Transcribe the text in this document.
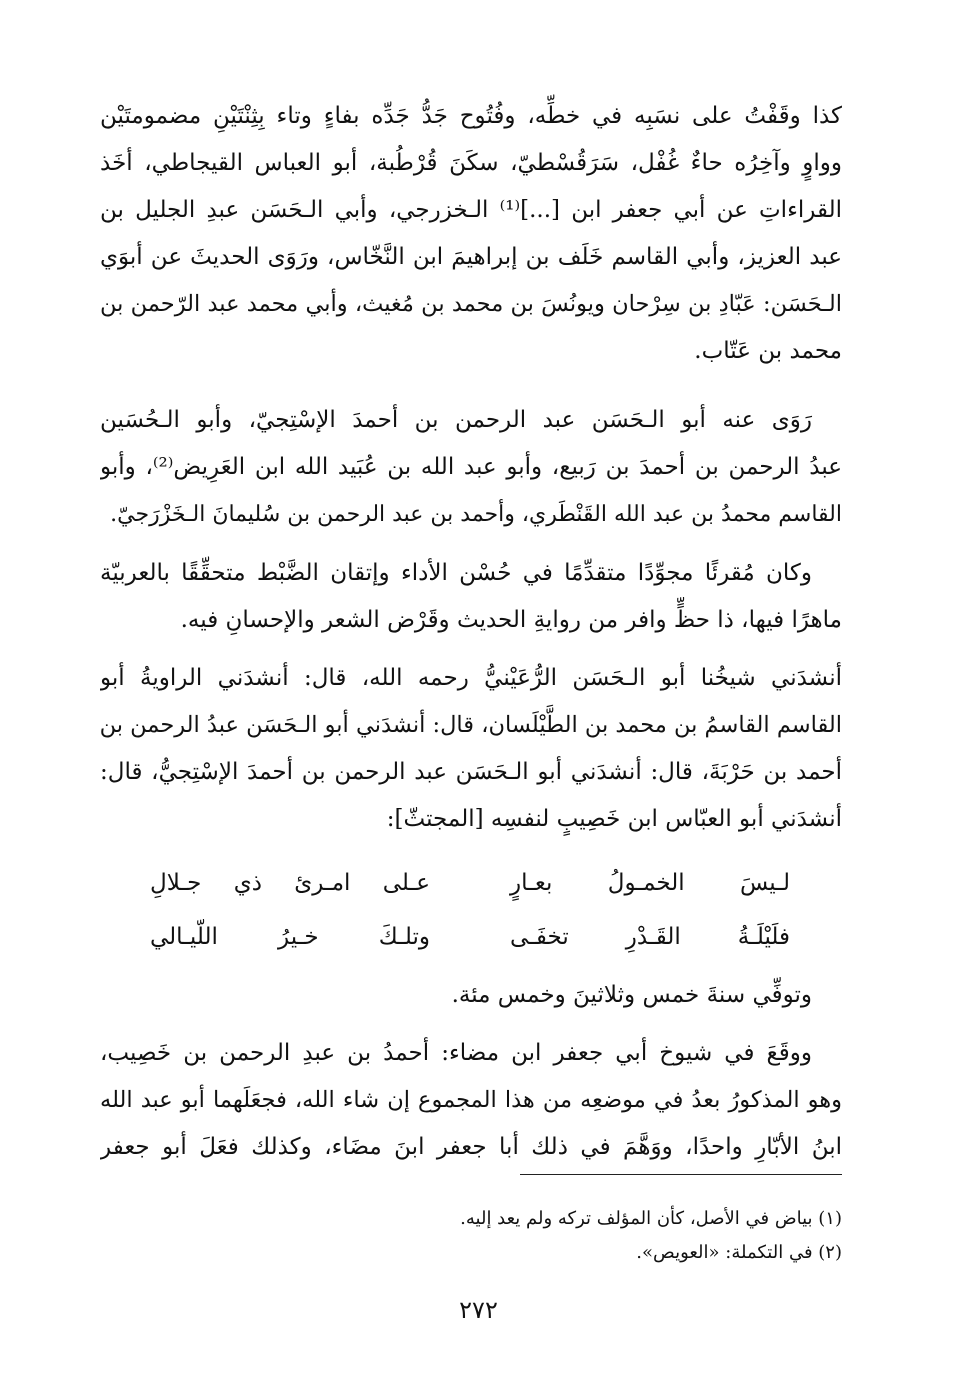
كذا وقَفْتُ على نسَبِه في خطِّه، وفُتُوح جَدُّ جَدِّه بفاءٍ وتاء بِثِنْتَيْنِ مضمومتَيْن
وواوٍ وآخِرُه حاءٌ غُفْل، سَرَقُسْطيّ، سكَنَ قُرْطُبة، أبو العباس القيجاطي، أخَذ
القراءاتِ عن أبي جعفر ابن [...]⁽¹⁾ الـخزرجي، وأبي الـحَسَن عبدِ الجليل بن
عبد العزيز، وأبي القاسم خَلَف بن إبراهيمَ ابن النَّخّاس، ورَوَى الحديثَ عن أبوَي
الـحَسَن: عَبّادِ بن سِرْحان ويونُسَ بن محمد بن مُغيث، وأبي محمد عبد الرّحمن بن
محمد بن عَتّاب.
رَوَى عنه أبو الـحَسَن عبد الرحمن بن أحمدَ الإسْتِجيّ، وأبو الـحُسَين
عبدُ الرحمن بن أحمدَ بن رَبيع، وأبو عبد الله بن عُبَيد الله ابن العَرِيض⁽²⁾، وأبو
القاسم محمدُ بن عبد الله القَنْطَري، وأحمد بن عبد الرحمن بن سُليمانَ الـخَزْرَجيّ.
وكان مُقرئًا مجوِّدًا متقدِّمًا في حُسْن الأداء وإتقان الضَّبْط متحقِّقًا بالعربيّة
ماهرًا فيها، ذا حظٍّ وافر من روايةِ الحديث وقَرْض الشعر والإحسانِ فيه.
أنشدَني شيخُنا أبو الـحَسَن الرُّعَيْنيُّ رحمه الله، قال: أنشدَني الراويةُ أبو
القاسم القاسمُ بن محمد بن الطَّيْلَسان، قال: أنشدَني أبو الـحَسَن عبدُ الرحمن بن
أحمد بن حَرْبَةَ، قال: أنشدَني أبو الـحَسَن عبد الرحمن بن أحمدَ الإسْتِجيُّ، قال:
أنشدَني أبو العبّاس ابن خَصِيبٍ لنفسِه [المجتثّ]:
لـيسَ الخمـولُ بعـارٍ
عـلى امـرئ ذي جـلالِ
فلَيْلَـةُ القَـدْرِ تخفَـى
وتلـكَ خـيرُ اللّيـالي
وتوفِّي سنةَ خمس وثلاثينَ وخمس مئة.
ووقَعَ في شيوخ أبي جعفر ابن مضاء: أحمدُ بن عبدِ الرحمن بن خَصِيب،
وهو المذكورُ بعدُ في موضعِه من هذا المجموع إن شاء الله، فجعَلَهما أبو عبد الله
ابنُ الأبّارِ واحدًا، ووَهَّمَ في ذلك أبا جعفر ابنَ مضَاء، وكذلك فعَلَ أبو جعفر
(١) بياض في الأصل، كأن المؤلف تركه ولم يعد إليه.
(٢) في التكملة: «العويص».
٢٧٢
